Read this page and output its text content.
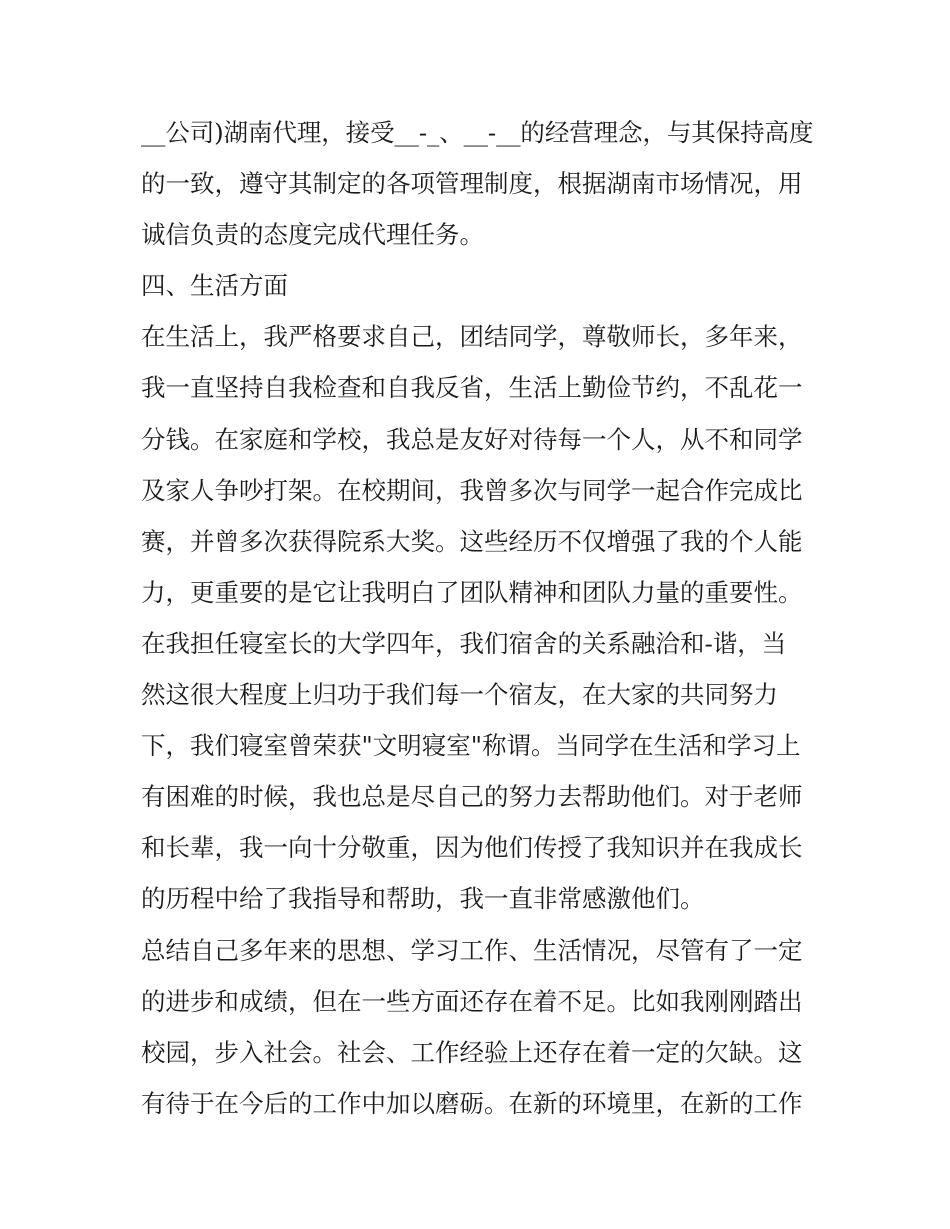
__公司)湖南代理，接受__-_、__-__的经营理念，与其保持高度
的一致，遵守其制定的各项管理制度，根据湖南市场情况，用
诚信负责的态度完成代理任务。
四、生活方面
在生活上，我严格要求自己，团结同学，尊敬师长，多年来，
我一直坚持自我检查和自我反省，生活上勤俭节约，不乱花一
分钱。在家庭和学校，我总是友好对待每一个人，从不和同学
及家人争吵打架。在校期间，我曾多次与同学一起合作完成比
赛，并曾多次获得院系大奖。这些经历不仅增强了我的个人能
力，更重要的是它让我明白了团队精神和团队力量的重要性。
在我担任寝室长的大学四年，我们宿舍的关系融洽和-谐，当
然这很大程度上归功于我们每一个宿友，在大家的共同努力
下，我们寝室曾荣获"文明寝室"称谓。当同学在生活和学习上
有困难的时候，我也总是尽自己的努力去帮助他们。对于老师
和长辈，我一向十分敬重，因为他们传授了我知识并在我成长
的历程中给了我指导和帮助，我一直非常感激他们。
总结自己多年来的思想、学习工作、生活情况，尽管有了一定
的进步和成绩，但在一些方面还存在着不足。比如我刚刚踏出
校园，步入社会。社会、工作经验上还存在着一定的欠缺。这
有待于在今后的工作中加以磨砺。在新的环境里，在新的工作
